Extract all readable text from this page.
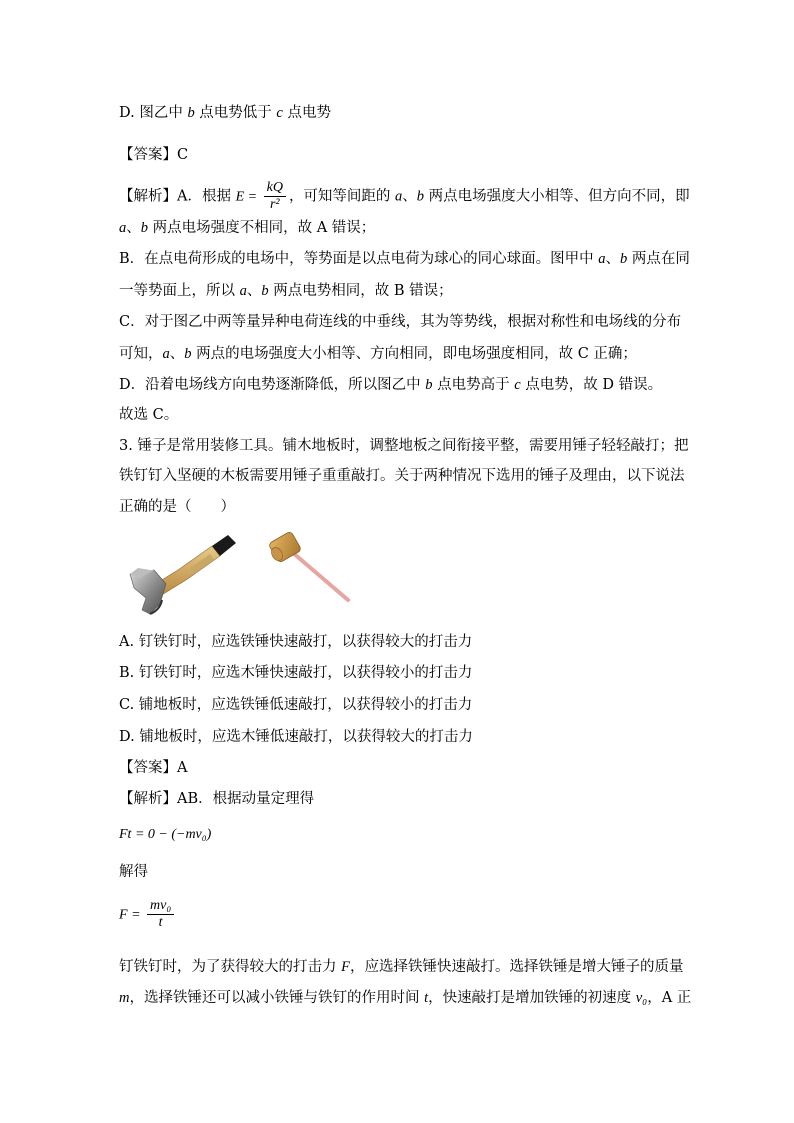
D. 图乙中 b 点电势低于 c 点电势
【答案】C
【解析】A．根据 $E = \frac{kQ}{\text{r²}}$ ，可知等间距的 a、b 两点电场强度大小相等、但方向不同，即
a、b 两点电场强度不相同，故 A 错误；
B．在点电荷形成的电场中，等势面是以点电荷为球心的同心球面。图甲中 a、b 两点在同
一等势面上，所以 a、b 两点电势相同，故 B 错误；
C．对于图乙中两等量异种电荷连线的中垂线，其为等势线，根据对称性和电场线的分布
可知，a、b 两点的电场强度大小相等、方向相同，即电场强度相同，故 C 正确；
D．沿着电场线方向电势逐渐降低，所以图乙中 b 点电势高于 c 点电势，故 D 错误。
故选 C。
3. 锤子是常用装修工具。铺木地板时，调整地板之间衔接平整，需要用锤子轻轻敲打；把
铁钉钉入坚硬的木板需要用锤子重重敲打。关于两种情况下选用的锤子及理由，以下说法
正确的是（　　）
A. 钉铁钉时，应选铁锤快速敲打，以获得较大的打击力
B. 钉铁钉时，应选木锤快速敲打，以获得较小的打击力
C. 铺地板时，应选铁锤低速敲打，以获得较小的打击力
D. 铺地板时，应选木锤低速敲打，以获得较大的打击力
【答案】A
【解析】AB．根据动量定理得
Ft = 0 − (−mv₀)
解得
$F = \frac{\text{mv₀}}{t}$
钉铁钉时，为了获得较大的打击力 F，应选择铁锤快速敲打。选择铁锤是增大锤子的质量
m，选择铁锤还可以减小铁锤与铁钉的作用时间 t，快速敲打是增加铁锤的初速度 v₀，A 正
